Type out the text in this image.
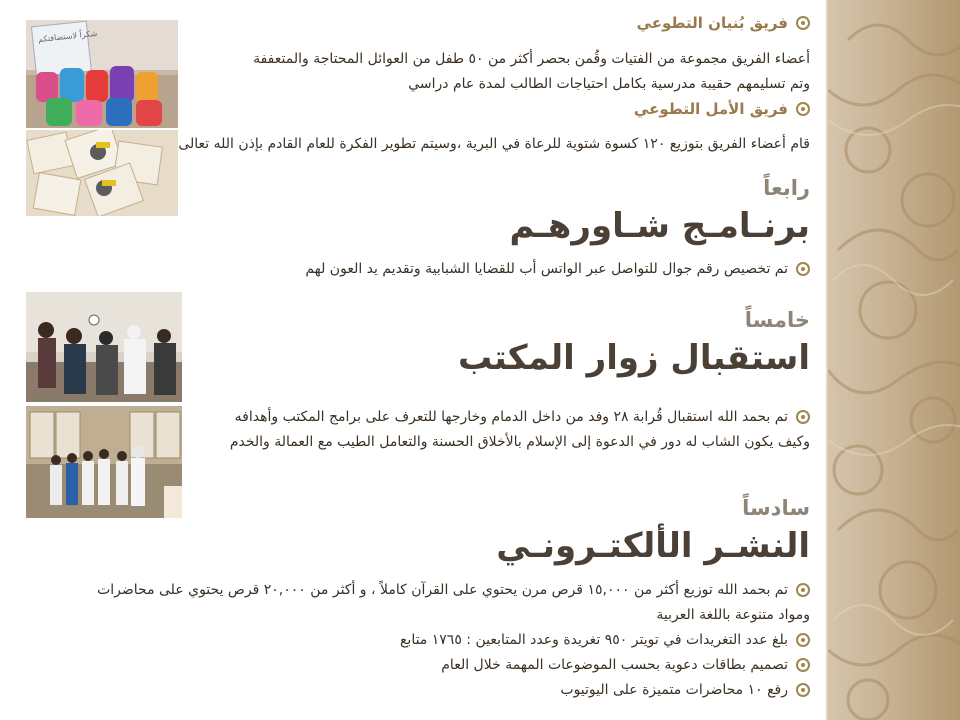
شكراً لاستضافتكم
فريق بُنيان التطوعي
أعضاء الفريق مجموعة من الفتيات وقُمن بحصر أكثر من ٥٠ طفل من العوائل المحتاجة والمتعففة
وتم تسليمهم حقيبة مدرسية بكامل احتياجات الطالب لمدة عام دراسي
فريق الأمل التطوعي
قام أعضاء الفريق بتوزيع ١٢٠ كسوة شتوية للرعاة في البرية ،وسيتم تطوير الفكرة للعام القادم بإذن الله تعالى
رابعاً
برنـامـج شـاورهـم
تم تخصيص رقم جوال للتواصل عبر الواتس أب للقضايا الشبابية وتقديم يد العون لهم
خامساً
استقبال زوار المكتب
تم بحمد الله استقبال قُرابة ٢٨ وفد من داخل الدمام وخارجها للتعرف على برامج المكتب وأهدافه
وكيف يكون الشاب له دور في الدعوة إلى الإسلام بالأخلاق الحسنة والتعامل الطيب مع العمالة والخدم
سادساً
النشـر الألكتـرونـي
تم بحمد الله توزيع أكثر من ١٥,٠٠٠ قرص مرن يحتوي على القرآن كاملاً ، و أكثر من ٢٠,٠٠٠ قرص يحتوي على محاضرات
ومواد متنوعة باللغة العربية
بلغ عدد التغريدات في تويتر ٩٥٠ تغريدة وعدد المتابعين : ١٧٦٥ متابع
تصميم بطاقات دعوية بحسب الموضوعات المهمة خلال العام
رفع ١٠ محاضرات متميزة على اليوتيوب
